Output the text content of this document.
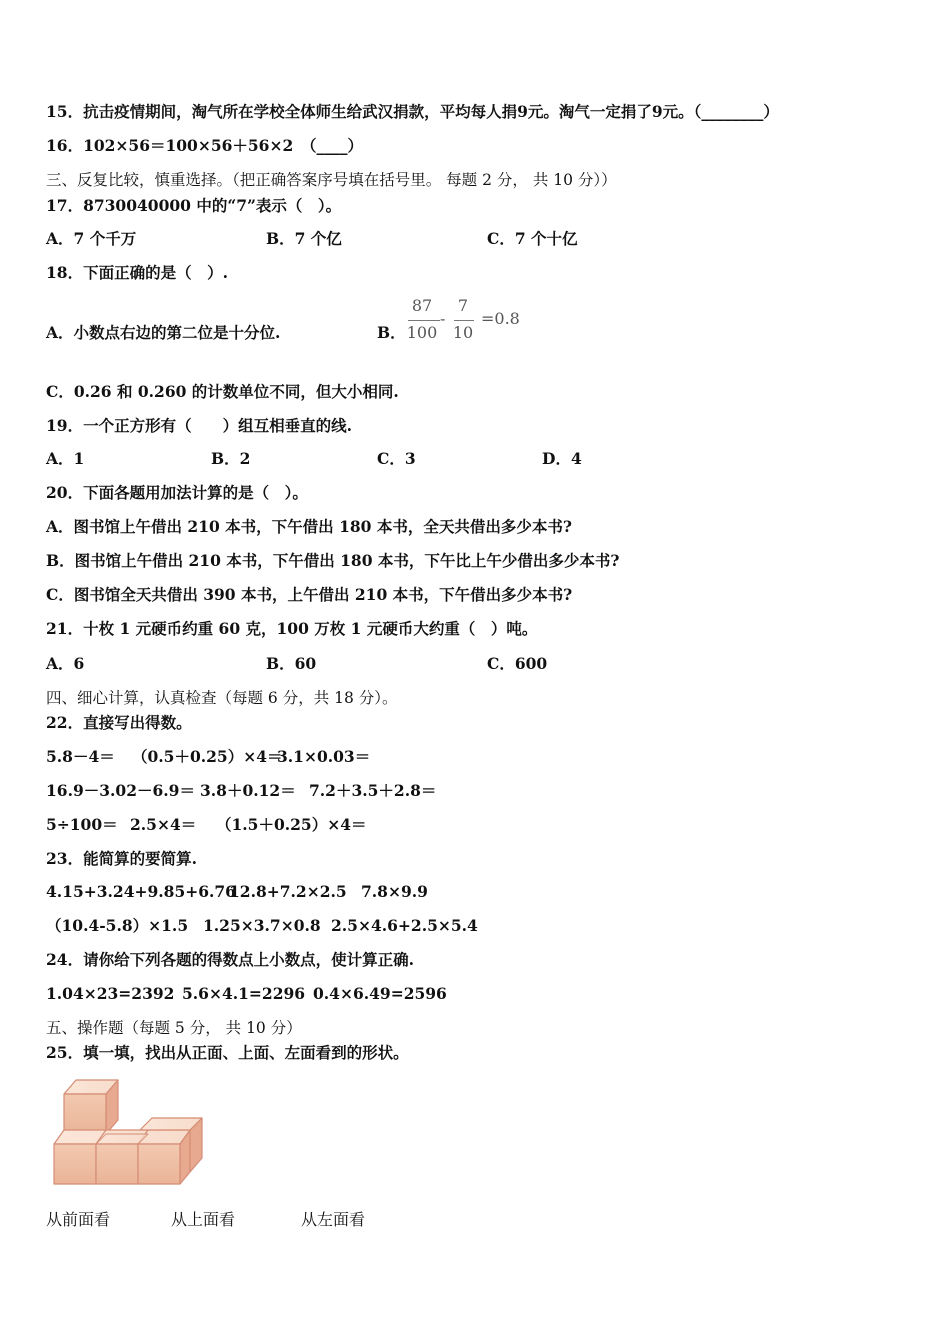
15．抗击疫情期间，淘气所在学校全体师生给武汉捐款，平均每人捐9元。淘气一定捐了9元。（________）
16．102×56＝100×56＋56×2　（____）
三、反复比较，慎重选择。（把正确答案序号填在括号里。 每题 2 分， 共 10 分））
17．8730040000 中的“7”表示（　）。
A．7 个千万	B．7 个亿	C．7 个十亿
18．下面正确的是（　）.
A．小数点右边的第二位是十分位.	B．
87
100
-
7
10
=0.8
C．0.26 和 0.260 的计数单位不同，但大小相同.
19．一个正方形有（　　）组互相垂直的线.
A．1	B．2	C．3	D．4
20．下面各题用加法计算的是（　）。
A．图书馆上午借出 210 本书，下午借出 180 本书，全天共借出多少本书?
B．图书馆上午借出 210 本书，下午借出 180 本书，下午比上午少借出多少本书?
C．图书馆全天共借出 390 本书，上午借出 210 本书，下午借出多少本书?
21．十枚 1 元硬币约重 60 克，100 万枚 1 元硬币大约重（　）吨。
A．6	B．60	C．600
四、细心计算，认真检查（每题 6 分，共 18 分）。
22．直接写出得数。
5.8－4＝ （0.5＋0.25）×4＝
3.1×0.03＝
16.9－3.02－6.9＝ 3.8＋0.12＝ 7.2＋3.5＋2.8＝
5÷100＝ 2.5×4＝ （1.5＋0.25）×4＝
23．能简算的要简算.
4.15+3.24+9.85+6.76
12.8+7.2×2.5 7.8×9.9
（10.4-5.8）×1.5 1.25×3.7×0.8 2.5×4.6+2.5×5.4
24．请你给下列各题的得数点上小数点，使计算正确.
1.04×23=2392 5.6×4.1=2296 0.4×6.49=2596
五、操作题（每题 5 分， 共 10 分）
25．填一填，找出从正面、上面、左面看到的形状。
从前面看	从上面看	从左面看
